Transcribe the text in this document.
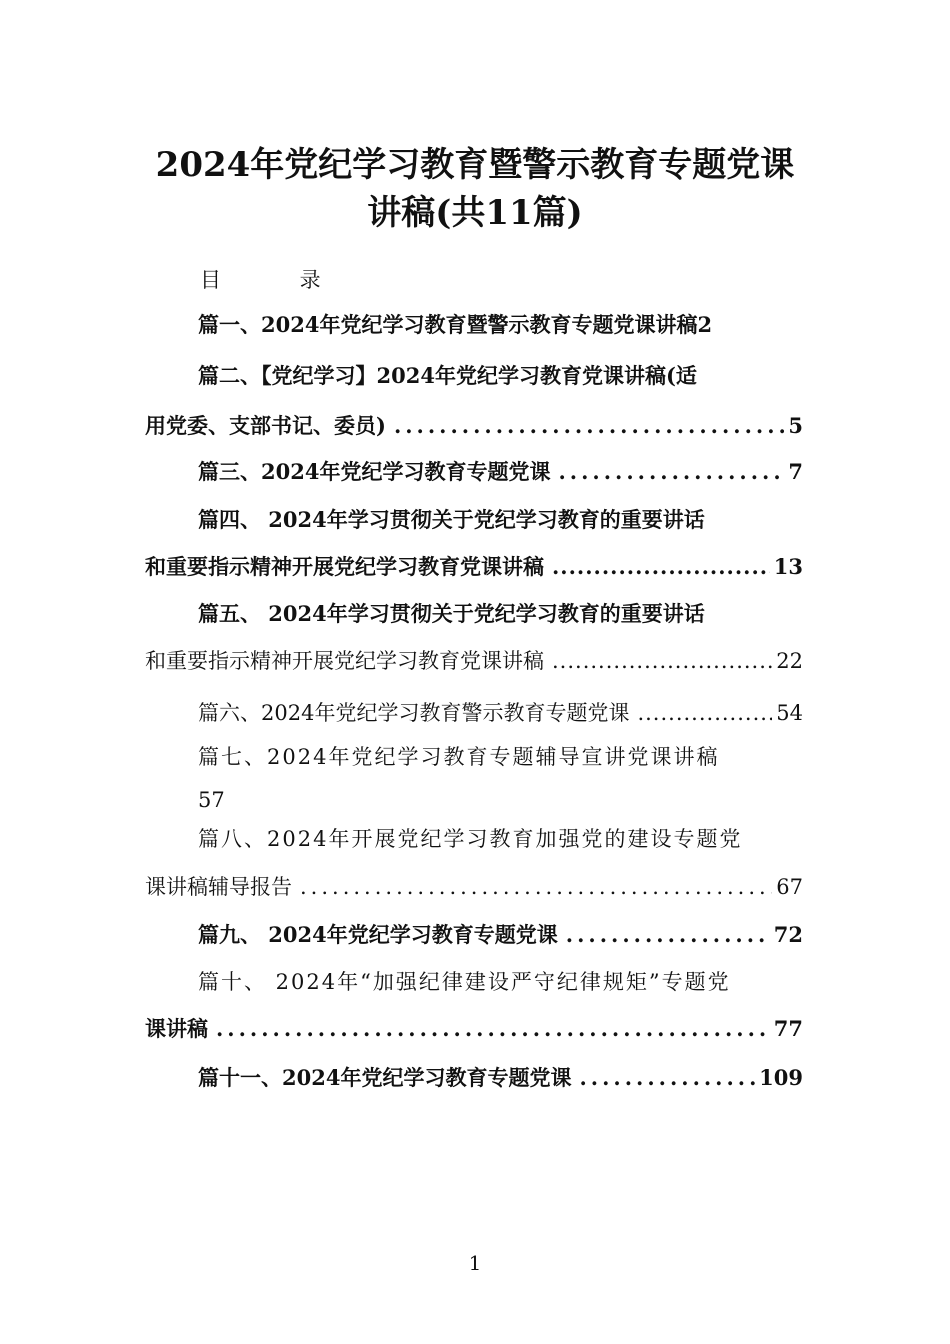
2024年党纪学习教育暨警示教育专题党课
讲稿(共11篇)
目 录
篇一、2024年党纪学习教育暨警示教育专题党课讲稿2
篇二、【党纪学习】2024年党纪学习教育党课讲稿(适
用党委、支部书记、委员) .....	5
篇三、2024年党纪学习教育专题党课 .....	7
篇四、 2024年学习贯彻关于党纪学习教育的重要讲话
和重要指示精神开展党纪学习教育党课讲稿 .....	13
篇五、 2024年学习贯彻关于党纪学习教育的重要讲话
和重要指示精神开展党纪学习教育党课讲稿 .....	22
篇六、2024年党纪学习教育警示教育专题党课 .....	54
篇七、2024年党纪学习教育专题辅导宣讲党课讲稿
57
篇八、2024年开展党纪学习教育加强党的建设专题党
课讲稿辅导报告 .....	67
篇九、 2024年党纪学习教育专题党课 .....	72
篇十、 2024年“加强纪律建设严守纪律规矩”专题党
课讲稿 .....	77
篇十一、2024年党纪学习教育专题党课 .....	109
1
